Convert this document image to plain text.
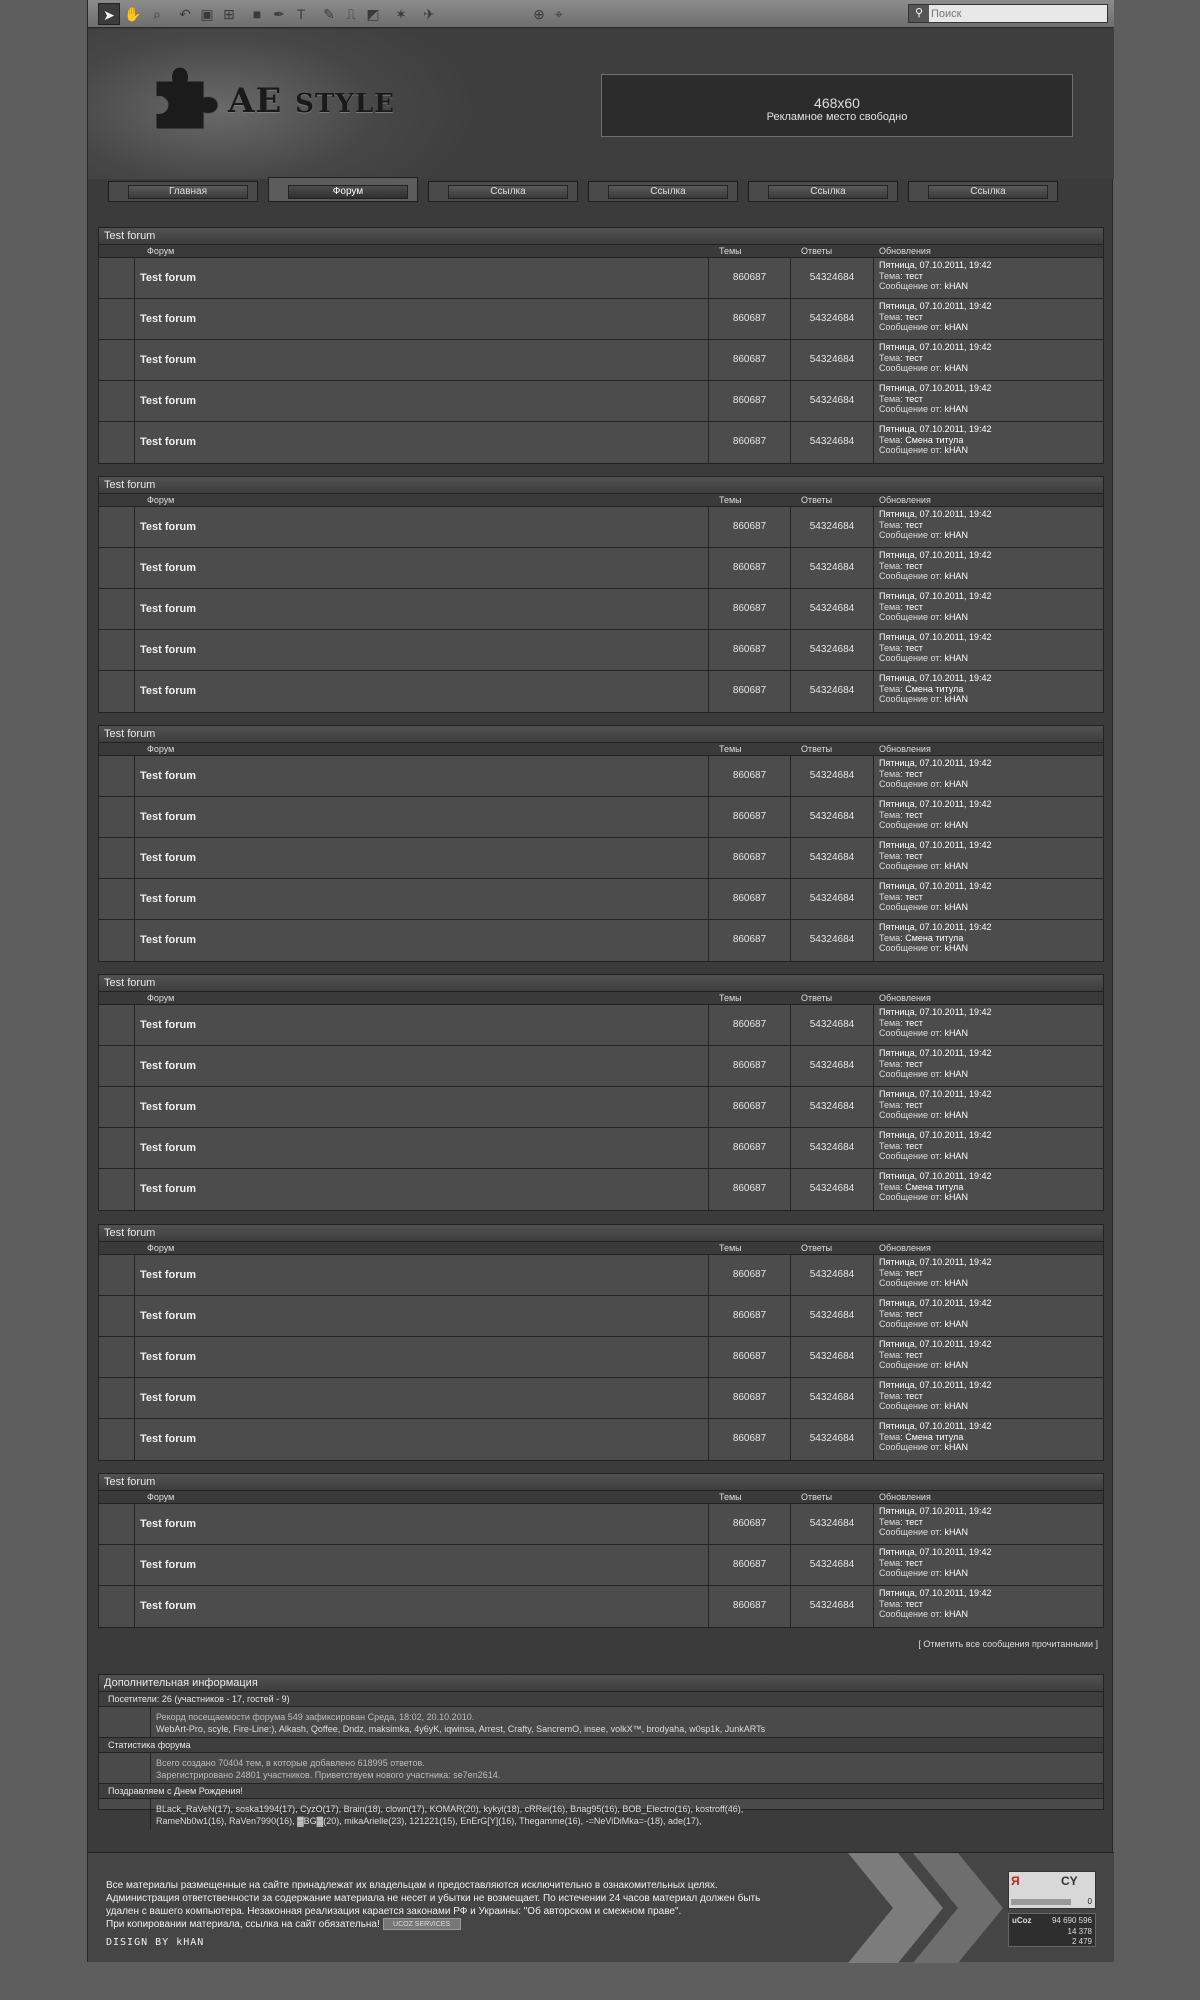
➤ ✋ ⌕	↶ ▣ ⊞	■ ✒ T	✎ ⎍ ◩	✶	✈	⊕ ⌖	⚲
Поиск
AE STYLE	468x60
Рекламное место свободно
Главная	Форум	Ссылка	Ссылка	Ссылка	Ссылка
Test forum
Форум	Темы	Ответы	Обновления
Test forum	860687	54324684
Пятница, 07.10.2011, 19:42
Тема: тест
Сообщение от: kHAN
Test forum	860687	54324684
Пятница, 07.10.2011, 19:42
Тема: тест
Сообщение от: kHAN
Test forum	860687	54324684
Пятница, 07.10.2011, 19:42
Тема: тест
Сообщение от: kHAN
Test forum	860687	54324684
Пятница, 07.10.2011, 19:42
Тема: тест
Сообщение от: kHAN
Test forum	860687	54324684
Пятница, 07.10.2011, 19:42
Тема: Смена титула
Сообщение от: kHAN
Test forum
Форум	Темы	Ответы	Обновления
Test forum	860687	54324684
Пятница, 07.10.2011, 19:42
Тема: тест
Сообщение от: kHAN
Test forum	860687	54324684
Пятница, 07.10.2011, 19:42
Тема: тест
Сообщение от: kHAN
Test forum	860687	54324684
Пятница, 07.10.2011, 19:42
Тема: тест
Сообщение от: kHAN
Test forum	860687	54324684
Пятница, 07.10.2011, 19:42
Тема: тест
Сообщение от: kHAN
Test forum	860687	54324684
Пятница, 07.10.2011, 19:42
Тема: Смена титула
Сообщение от: kHAN
Test forum
Форум	Темы	Ответы	Обновления
Test forum	860687	54324684
Пятница, 07.10.2011, 19:42
Тема: тест
Сообщение от: kHAN
Test forum	860687	54324684
Пятница, 07.10.2011, 19:42
Тема: тест
Сообщение от: kHAN
Test forum	860687	54324684
Пятница, 07.10.2011, 19:42
Тема: тест
Сообщение от: kHAN
Test forum	860687	54324684
Пятница, 07.10.2011, 19:42
Тема: тест
Сообщение от: kHAN
Test forum	860687	54324684
Пятница, 07.10.2011, 19:42
Тема: Смена титула
Сообщение от: kHAN
Test forum
Форум	Темы	Ответы	Обновления
Test forum	860687	54324684
Пятница, 07.10.2011, 19:42
Тема: тест
Сообщение от: kHAN
Test forum	860687	54324684
Пятница, 07.10.2011, 19:42
Тема: тест
Сообщение от: kHAN
Test forum	860687	54324684
Пятница, 07.10.2011, 19:42
Тема: тест
Сообщение от: kHAN
Test forum	860687	54324684
Пятница, 07.10.2011, 19:42
Тема: тест
Сообщение от: kHAN
Test forum	860687	54324684
Пятница, 07.10.2011, 19:42
Тема: Смена титула
Сообщение от: kHAN
Test forum
Форум	Темы	Ответы	Обновления
Test forum	860687	54324684
Пятница, 07.10.2011, 19:42
Тема: тест
Сообщение от: kHAN
Test forum	860687	54324684
Пятница, 07.10.2011, 19:42
Тема: тест
Сообщение от: kHAN
Test forum	860687	54324684
Пятница, 07.10.2011, 19:42
Тема: тест
Сообщение от: kHAN
Test forum	860687	54324684
Пятница, 07.10.2011, 19:42
Тема: тест
Сообщение от: kHAN
Test forum	860687	54324684
Пятница, 07.10.2011, 19:42
Тема: Смена титула
Сообщение от: kHAN
Test forum
Форум	Темы	Ответы	Обновления
Test forum	860687	54324684
Пятница, 07.10.2011, 19:42
Тема: тест
Сообщение от: kHAN
Test forum	860687	54324684
Пятница, 07.10.2011, 19:42
Тема: тест
Сообщение от: kHAN
Test forum	860687	54324684
Пятница, 07.10.2011, 19:42
Тема: тест
Сообщение от: kHAN
[ Отметить все сообщения прочитанными ]
Дополнительная информация
Посетители: 26 (участников - 17, гостей - 9)
Рекорд посещаемости форума 549 зафиксирован Среда, 18:02, 20.10.2010.
WebArt-Pro, scyle, Fire-Line:), Alkash, Qoffee, Dndz, maksimka, 4y6yK, iqwinsa, Arrest, Crafty, SancremO, insee, volkX™, brodyaha, w0sp1k, JunkARTs
Статистика форума
Всего создано 70404 тем, в которые добавлено 618995 ответов.
Зарегистрировано 24801 участников. Приветствуем нового участника: se7en2614.
Поздравляем с Днем Рождения!
BLack_RaVeN(17), soska1994(17), CyzO(17), Brain(18), clown(17), KOMAR(20), kykyi(18), cRRei(16), Bлag95(16), BOB_Electro(16), kostroff(46),
RameNb0w1(16), RaVen7990(16), ▓BG▓(20), mikaArielle(23), 121221(15), EnErG[Y](16), Thegamme(16), -=NeViDiMka=-(18), ade(17),
Все материалы размещенные на сайте принадлежат их владельцам и предоставляются исключительно в ознакомительных целях.
Администрация ответственности за содержание материала не несет и убытки не возмещает. По истечении 24 часов материал должен быть
удален с вашего компьютера. Незаконная реализация карается законами РФ и Украины: "Об авторском и смежном праве".
При копировании материала, ссылка на сайт обязательна! UCOZ SERVICES
DISIGN BY kHAN
Я	CY
0
uCoz	94 690 596
14 378
2 479
